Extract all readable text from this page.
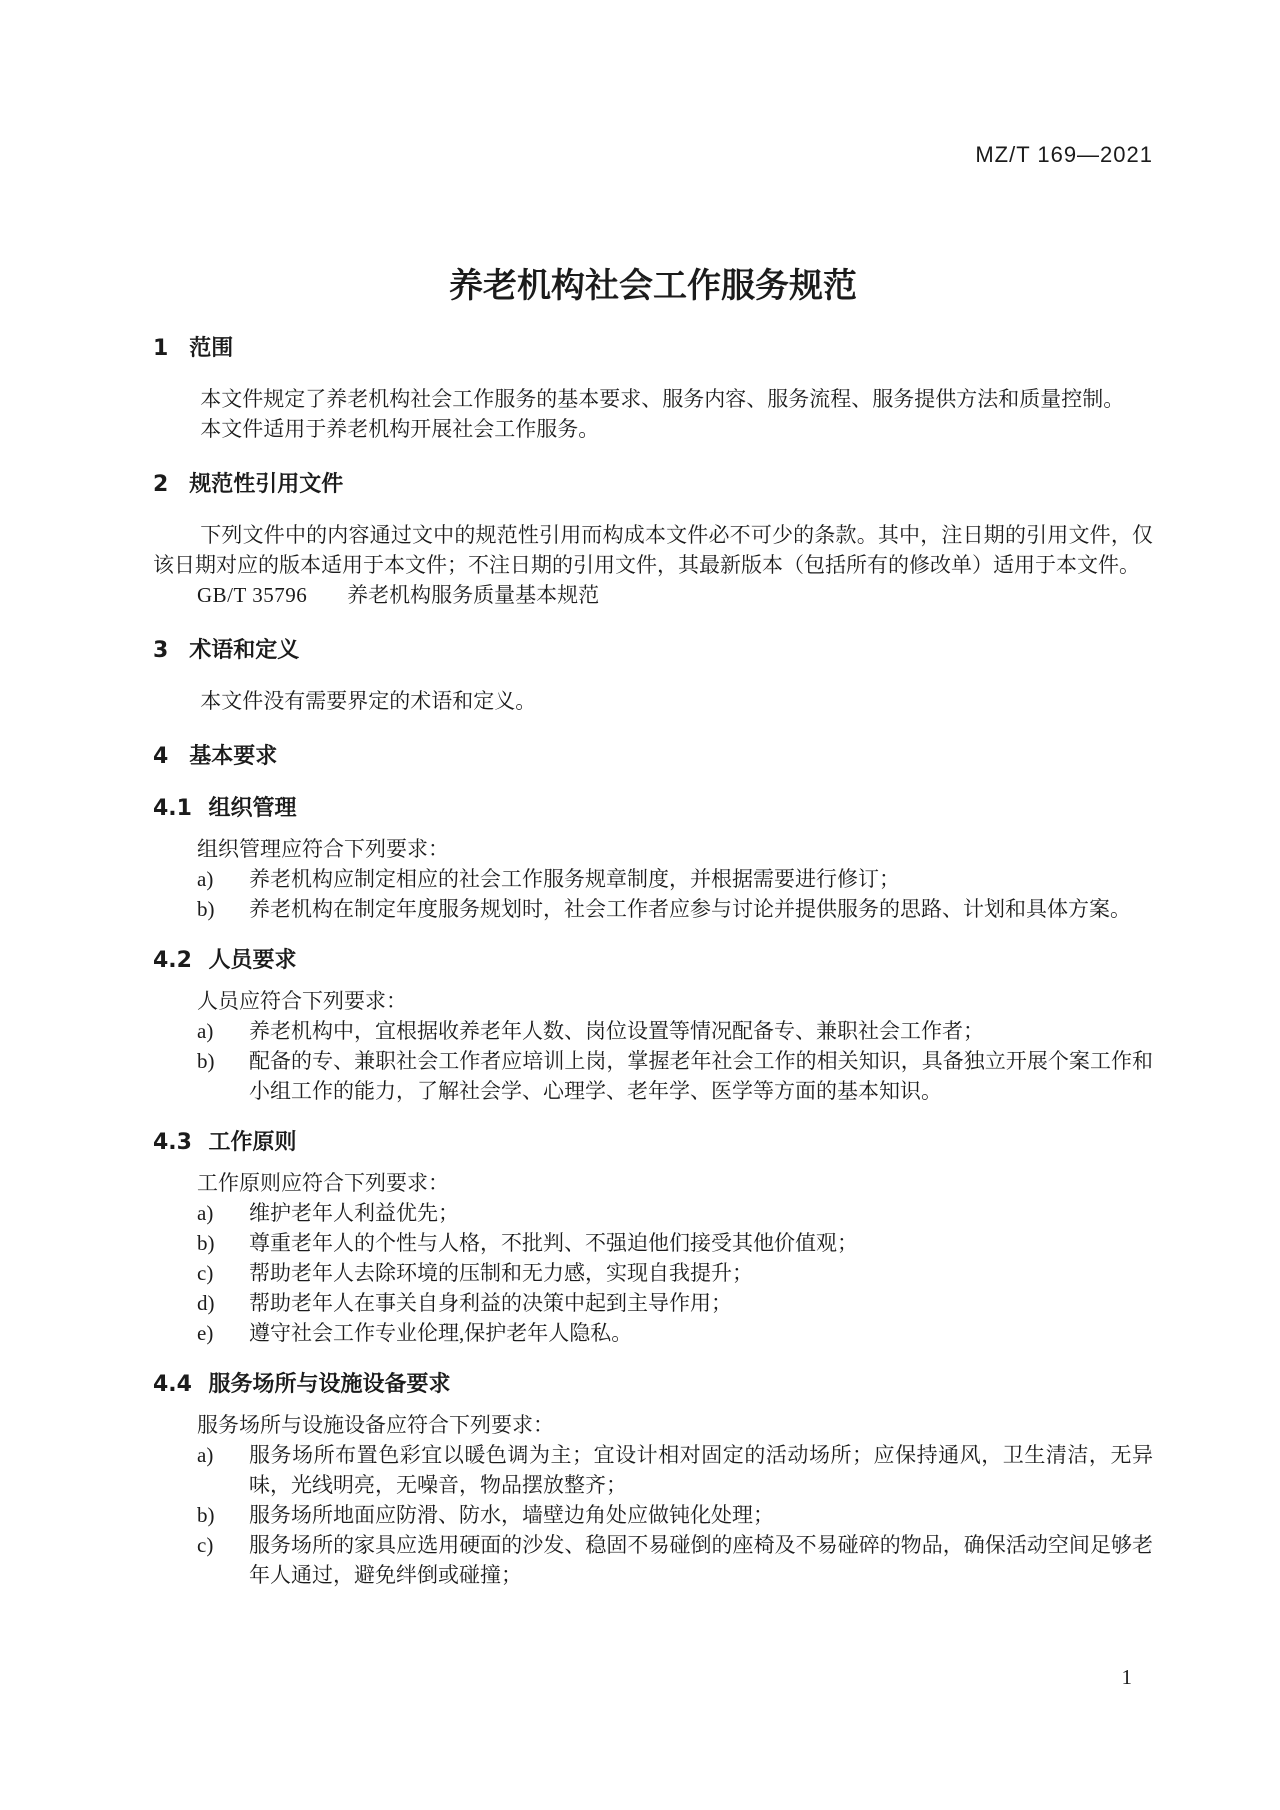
MZ/T 169—2021
养老机构社会工作服务规范
1 范围

本文件规定了养老机构社会工作服务的基本要求、服务内容、服务流程、服务提供方法和质量控制。

本文件适用于养老机构开展社会工作服务。

2 规范性引用文件

下列文件中的内容通过文中的规范性引用而构成本文件必不可少的条款。其中，注日期的引用文件，仅该日期对应的版本适用于本文件；不注日期的引用文件，其最新版本（包括所有的修改单）适用于本文件。

GB/T 35796 养老机构服务质量基本规范

3 术语和定义

本文件没有需要界定的术语和定义。

4 基本要求
4.1 组织管理

组织管理应符合下列要求：

a) 养老机构应制定相应的社会工作服务规章制度，并根据需要进行修订；
b) 养老机构在制定年度服务规划时，社会工作者应参与讨论并提供服务的思路、计划和具体方案。
4.2 人员要求

人员应符合下列要求：

a) 养老机构中，宜根据收养老年人数、岗位设置等情况配备专、兼职社会工作者；
b) 配备的专、兼职社会工作者应培训上岗，掌握老年社会工作的相关知识，具备独立开展个案工作和小组工作的能力，了解社会学、心理学、老年学、医学等方面的基本知识。
4.3 工作原则

工作原则应符合下列要求：

a) 维护老年人利益优先；
b) 尊重老年人的个性与人格，不批判、不强迫他们接受其他价值观；
c) 帮助老年人去除环境的压制和无力感，实现自我提升；
d) 帮助老年人在事关自身利益的决策中起到主导作用；
e) 遵守社会工作专业伦理,保护老年人隐私。
4.4 服务场所与设施设备要求

服务场所与设施设备应符合下列要求：

a) 服务场所布置色彩宜以暖色调为主；宜设计相对固定的活动场所；应保持通风，卫生清洁，无异味，光线明亮，无噪音，物品摆放整齐；
b) 服务场所地面应防滑、防水，墙壁边角处应做钝化处理；
c) 服务场所的家具应选用硬面的沙发、稳固不易碰倒的座椅及不易碰碎的物品，确保活动空间足够老年人通过，避免绊倒或碰撞；
1
